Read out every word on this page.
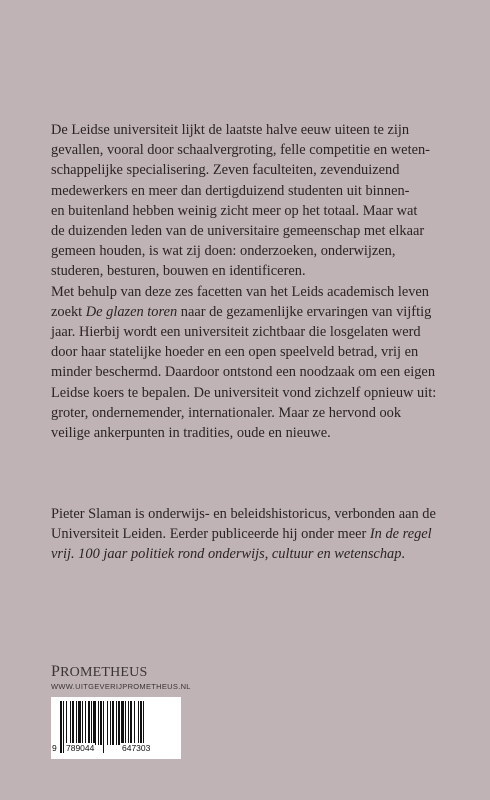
De Leidse universiteit lijkt de laatste halve eeuw uiteen te zijn
gevallen, vooral door schaalvergroting, felle competitie en weten-
schappelijke specialisering. Zeven faculteiten, zevenduizend
medewerkers en meer dan dertigduizend studenten uit binnen-
en buitenland hebben weinig zicht meer op het totaal. Maar wat
de duizenden leden van de universitaire gemeenschap met elkaar
gemeen houden, is wat zij doen: onderzoeken, onderwijzen,
studeren, besturen, bouwen en identificeren.
Met behulp van deze zes facetten van het Leids academisch leven
zoekt De glazen toren naar de gezamenlijke ervaringen van vijftig
jaar. Hierbij wordt een universiteit zichtbaar die losgelaten werd
door haar statelijke hoeder en een open speelveld betrad, vrij en
minder beschermd. Daardoor ontstond een noodzaak om een eigen
Leidse koers te bepalen. De universiteit vond zichzelf opnieuw uit:
groter, ondernemender, internationaler. Maar ze hervond ook
veilige ankerpunten in tradities, oude en nieuwe.
Pieter Slaman is onderwijs- en beleidshistoricus, verbonden aan de
Universiteit Leiden. Eerder publiceerde hij onder meer In de regel
vrij. 100 jaar politiek rond onderwijs, cultuur en wetenschap.
PROMETHEUS
WWW.UITGEVERIJPROMETHEUS.NL
9 789044	647303
